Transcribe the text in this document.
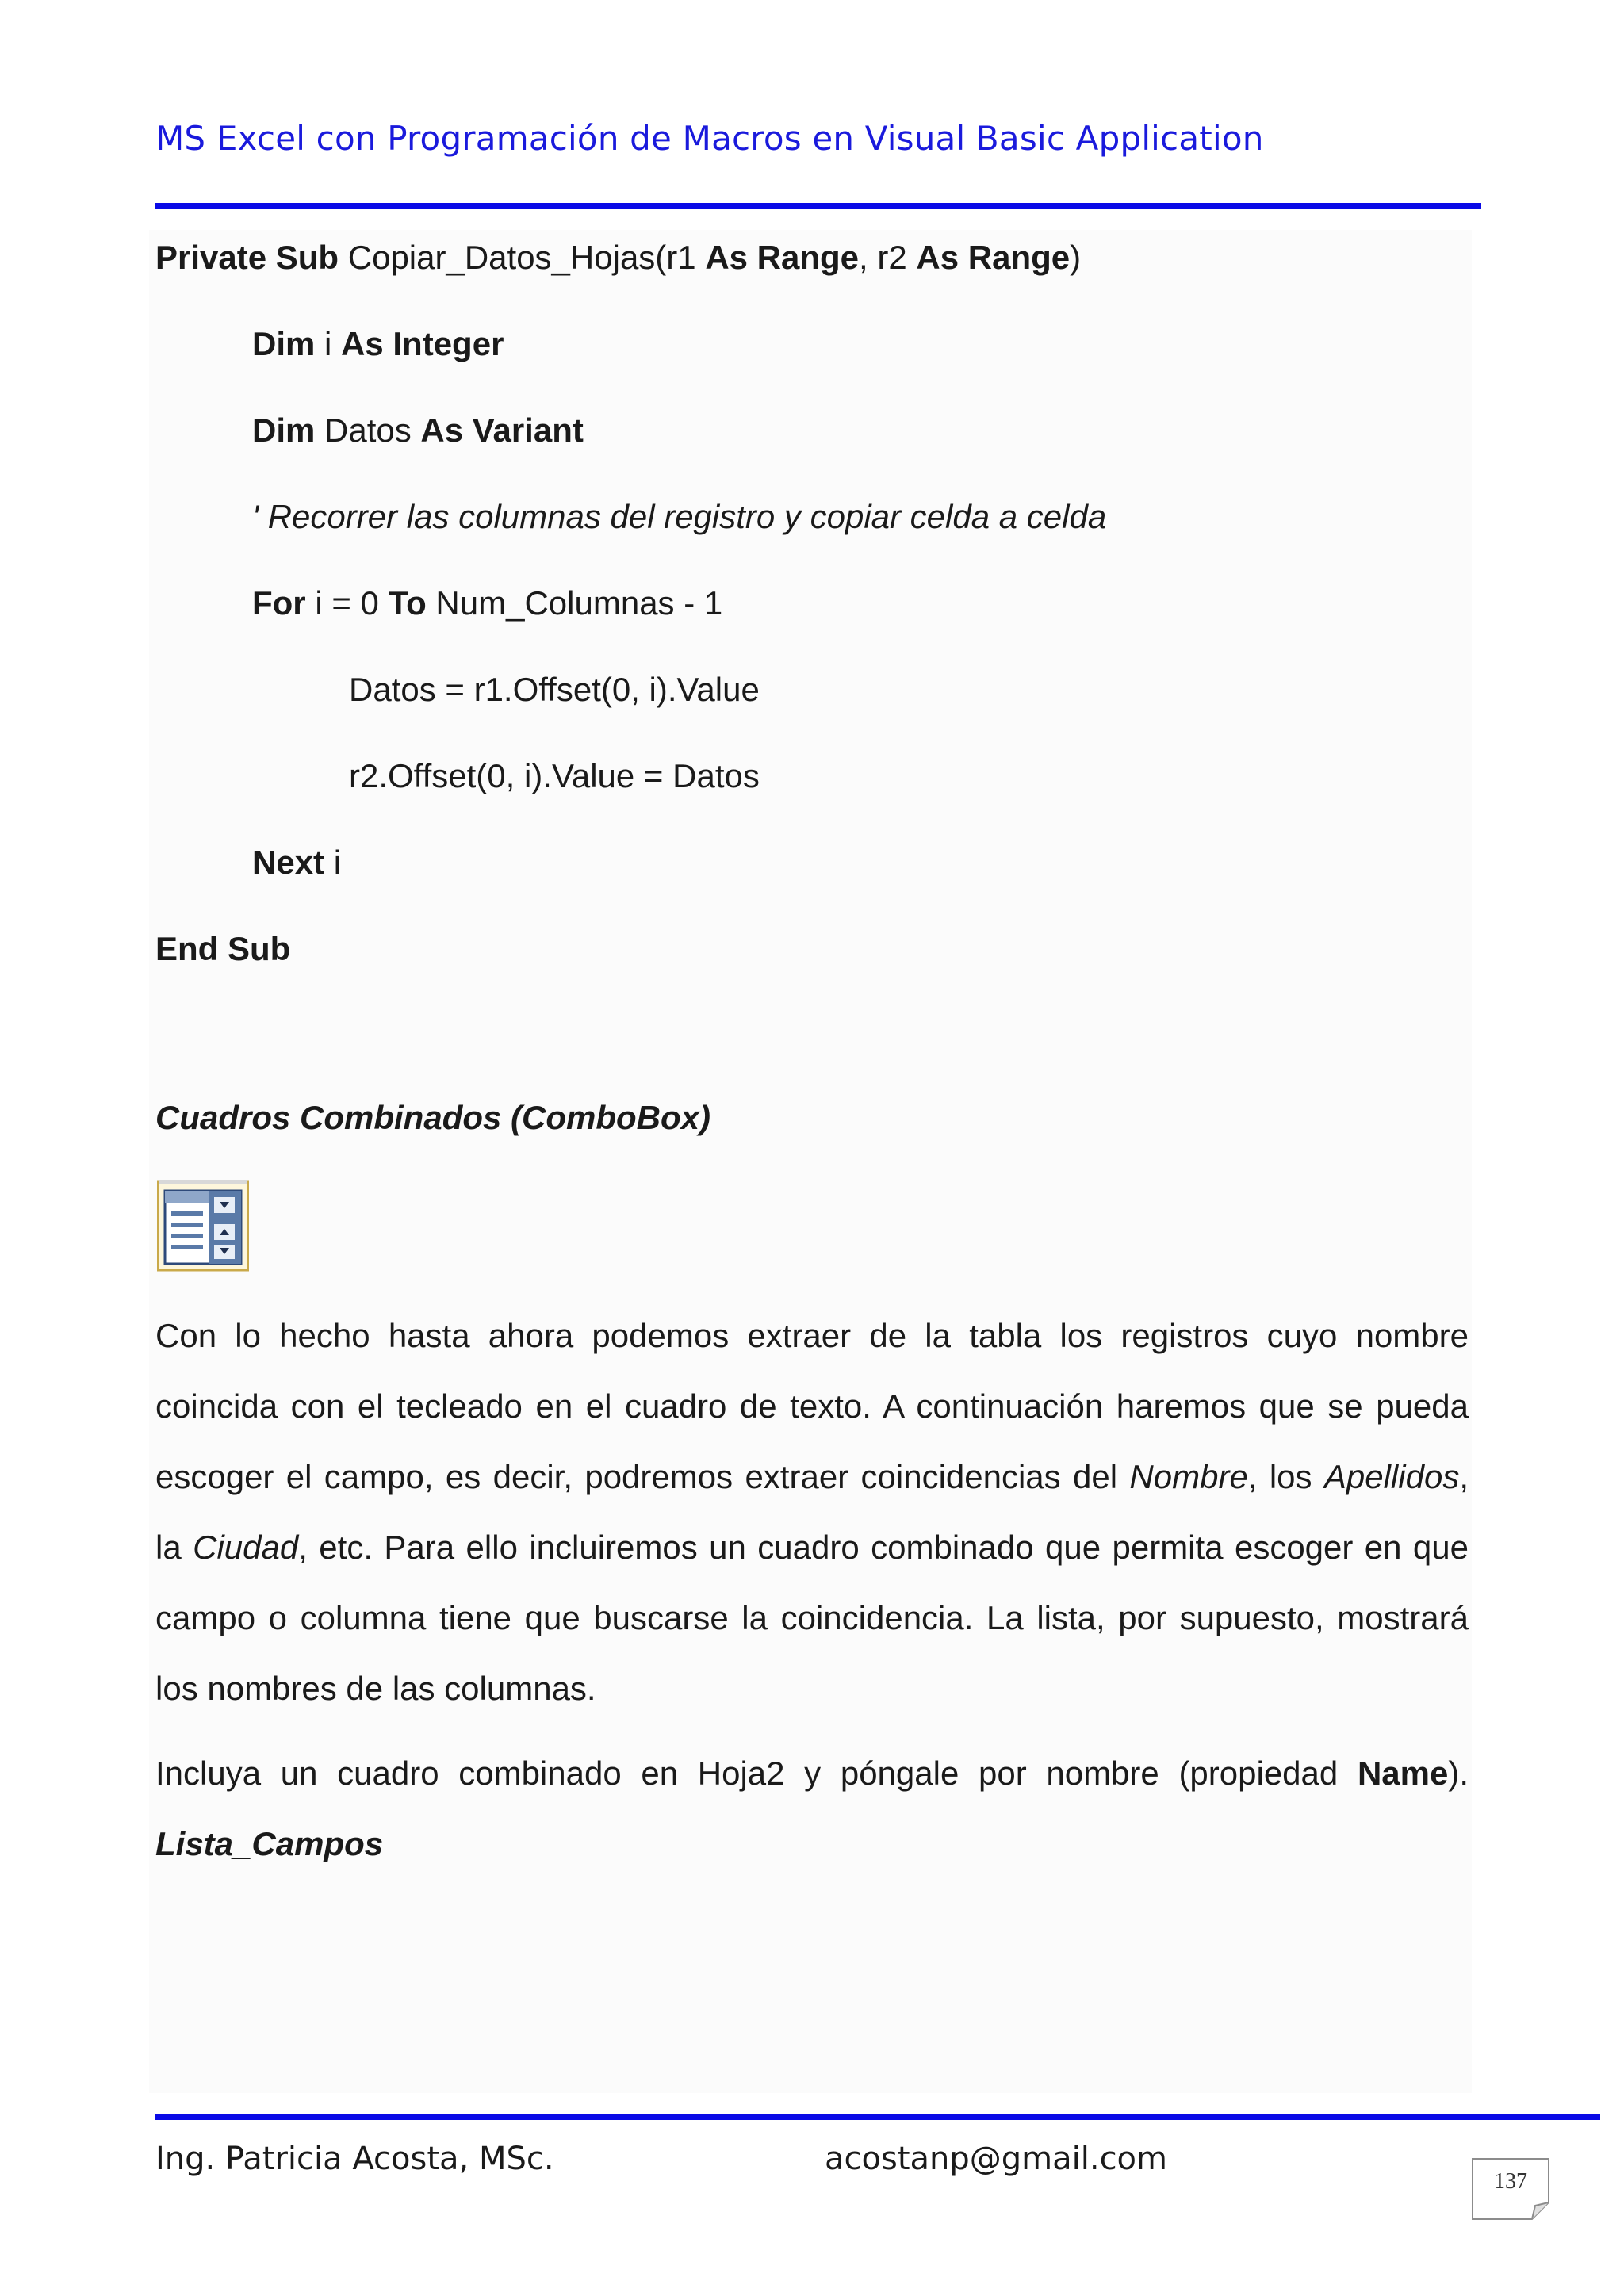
MS Excel con Programación de Macros en Visual Basic Application
Private Sub Copiar_Datos_Hojas(r1 As Range, r2 As Range)
Dim i As Integer
Dim Datos As Variant
' Recorrer las columnas del registro y copiar celda a celda
For i = 0 To Num_Columnas - 1
Datos = r1.Offset(0, i).Value
r2.Offset(0, i).Value = Datos
Next i
End Sub
Cuadros Combinados (ComboBox)
Con lo hecho hasta ahora podemos extraer de la tabla los registros cuyo nombre coincida con el tecleado en el cuadro de texto. A continuación haremos que se pueda escoger el campo, es decir, podremos extraer coincidencias del Nombre, los Apellidos, la Ciudad, etc. Para ello incluiremos un cuadro combinado que permita escoger en que campo o columna tiene que buscarse la coincidencia. La lista, por supuesto, mostrará los nombres de las columnas.
Incluya un cuadro combinado en Hoja2 y póngale por nombre (propiedad Name). Lista_Campos
Ing. Patricia Acosta, MSc.	acostanp@gmail.com
137
